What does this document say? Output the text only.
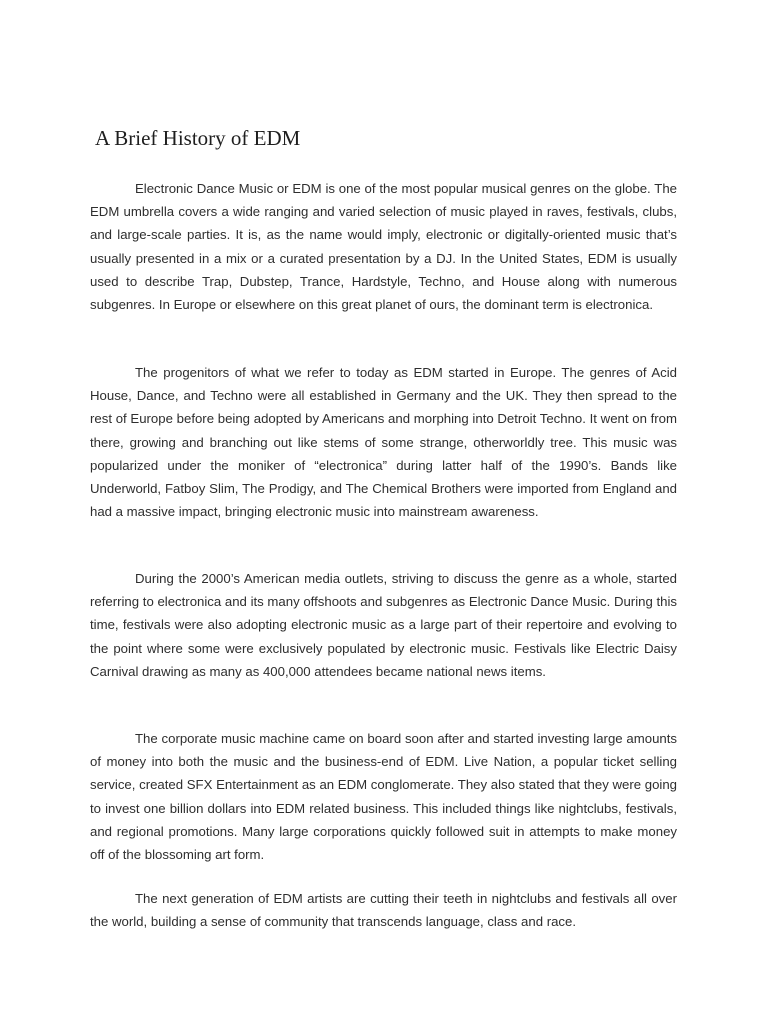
A Brief History of EDM

Electronic Dance Music or EDM is one of the most popular musical genres on the globe. The EDM umbrella covers a wide ranging and varied selection of music played in raves, festivals, clubs, and large-scale parties. It is, as the name would imply, electronic or digitally-oriented music that’s usually presented in a mix or a curated presentation by a DJ. In the United States, EDM is usually used to describe Trap, Dubstep, Trance, Hardstyle, Techno, and House along with numerous subgenres. In Europe or elsewhere on this great planet of ours, the dominant term is electronica.

The progenitors of what we refer to today as EDM started in Europe. The genres of Acid House, Dance, and Techno were all established in Germany and the UK. They then spread to the rest of Europe before being adopted by Americans and morphing into Detroit Techno. It went on from there, growing and branching out like stems of some strange, otherworldly tree. This music was popularized under the moniker of “electronica” during latter half of the 1990’s. Bands like Underworld, Fatboy Slim, The Prodigy, and The Chemical Brothers were imported from England and had a massive impact, bringing electronic music into mainstream awareness.

During the 2000’s American media outlets, striving to discuss the genre as a whole, started referring to electronica and its many offshoots and subgenres as Electronic Dance Music. During this time, festivals were also adopting electronic music as a large part of their repertoire and evolving to the point where some were exclusively populated by electronic music. Festivals like Electric Daisy Carnival drawing as many as 400,000 attendees became national news items.

The corporate music machine came on board soon after and started investing large amounts of money into both the music and the business-end of EDM. Live Nation, a popular ticket selling service, created SFX Entertainment as an EDM conglomerate. They also stated that they were going to invest one billion dollars into EDM related business. This included things like nightclubs, festivals, and regional promotions. Many large corporations quickly followed suit in attempts to make money off of the blossoming art form.

The next generation of EDM artists are cutting their teeth in nightclubs and festivals all over the world, building a sense of community that transcends language, class and race.
